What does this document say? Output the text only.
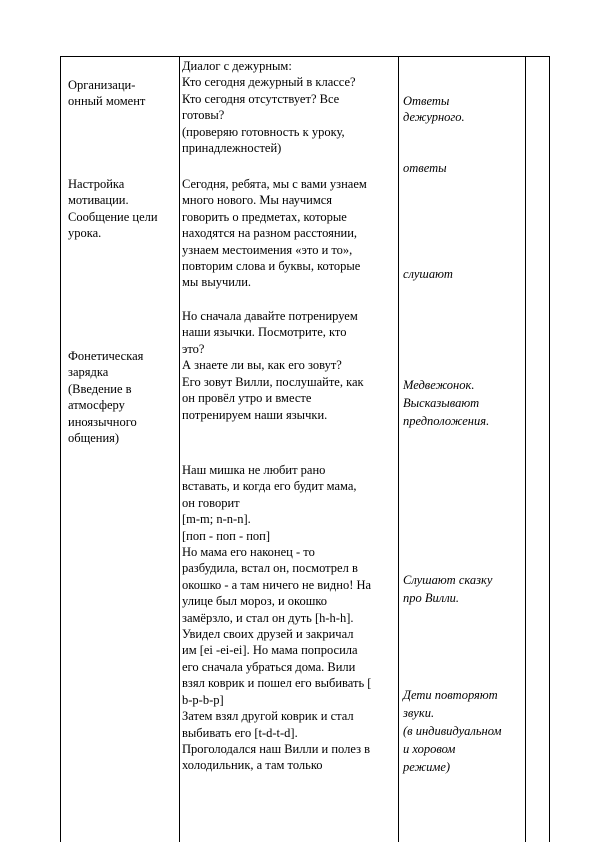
Организаци-
онный момент
Настройка
мотивации.
Сообщение цели
урока.
Фонетическая
зарядка
(Введение в
атмосферу
иноязычного
общения)
Диалог с дежурным:
Кто сегодня дежурный в классе?
Кто сегодня отсутствует? Все
готовы?
(проверяю готовность к уроку,
принадлежностей)
Сегодня, ребята, мы с вами узнаем
много нового. Мы научимся
говорить о предметах, которые
находятся на разном расстоянии,
узнаем местоимения «это и то»,
повторим слова и буквы, которые
мы выучили.
Но сначала давайте потренируем
наши язычки. Посмотрите, кто
это?
А знаете ли вы, как его зовут?
Его зовут Вилли, послушайте, как
он провёл утро и вместе
потренируем наши язычки.
Наш мишка не любит рано
вставать, и когда его будит мама,
он говорит
[m-m; n-n-n].
[поп - поп - поп]
Но мама его наконец - то
разбудила, встал он, посмотрел в
окошко - а там ничего не видно! На
улице был мороз, и окошко
замёрзло, и стал он дуть [h-h-h].
Увидел своих друзей и закричал
им [ei -ei-ei]. Но мама попросила
его сначала убраться дома. Вили
взял коврик и пошел его выбивать [
b-p-b-p]
Затем взял другой коврик и стал
выбивать его [t-d-t-d].
Проголодался наш Вилли и полез в
холодильник, а там только
Ответы
дежурного.
ответы
слушают
Медвежонок.
Высказывают
предположения.
Слушают сказку
про Вилли.
Дети повторяют
звуки.
(в индивидуальном
и хоровом
режиме)
